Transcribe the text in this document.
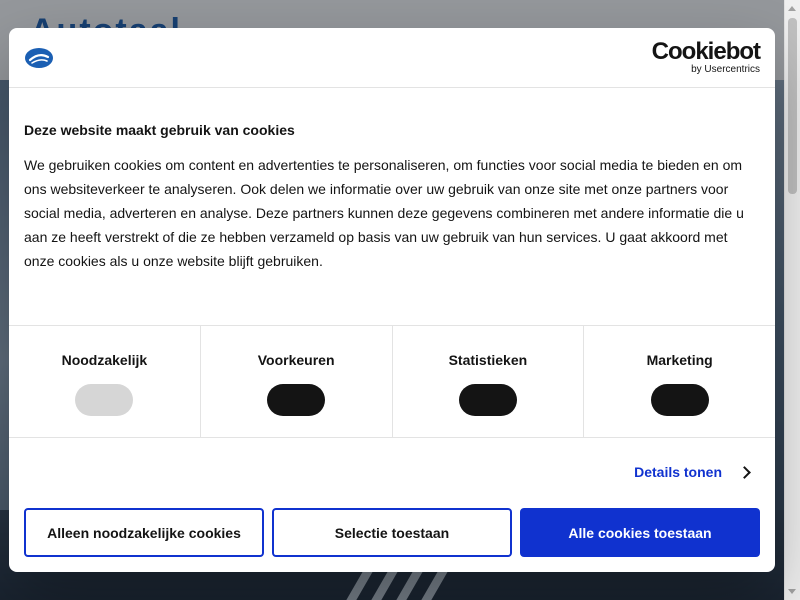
Cookiebot
by Usercentrics
Deze website maakt gebruik van cookies

We gebruiken cookies om content en advertenties te personaliseren, om functies voor social media te bieden en om ons websiteverkeer te analyseren. Ook delen we informatie over uw gebruik van onze site met onze partners voor social media, adverteren en analyse. Deze partners kunnen deze gegevens combineren met andere informatie die u aan ze heeft verstrekt of die ze hebben verzameld op basis van uw gebruik van hun services. U gaat akkoord met onze cookies als u onze website blijft gebruiken.

Noodzakelijk	Voorkeuren	Statistieken	Marketing
Details tonen
Alleen noodzakelijke cookies	Selectie toestaan	Alle cookies toestaan
